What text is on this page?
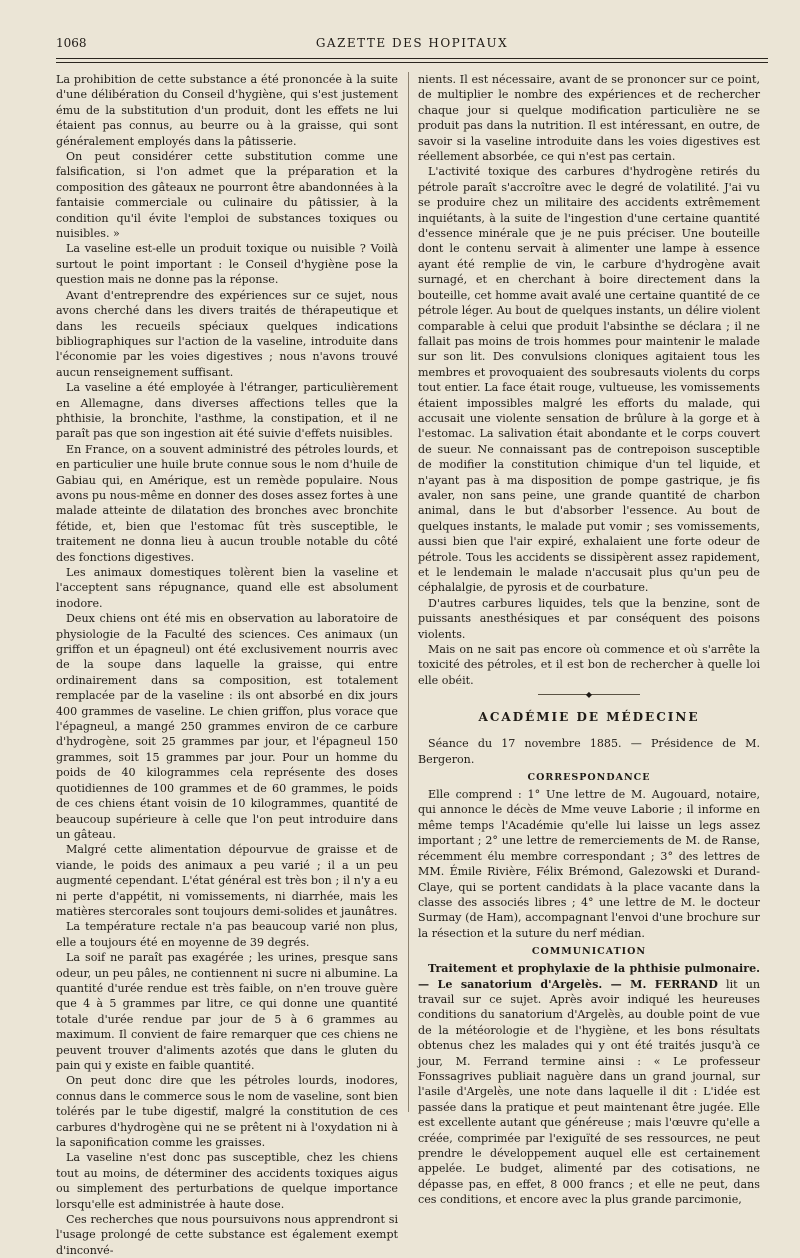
1068	GAZETTE DES HOPITAUX

La prohibition de cette substance a été prononcée à la suite d'une délibération du Conseil d'hygiène, qui s'est justement ému de la substitution d'un produit, dont les effets ne lui étaient pas connus, au beurre ou à la graisse, qui sont généralement employés dans la pâtisserie.

On peut considérer cette substitution comme une falsification, si l'on admet que la préparation et la composition des gâteaux ne pourront être abandonnées à la fantaisie commerciale ou culinaire du pâtissier, à la condition qu'il évite l'emploi de substances toxiques ou nuisibles. »

La vaseline est-elle un produit toxique ou nuisible ? Voilà surtout le point important : le Conseil d'hygiène pose la question mais ne donne pas la réponse.

Avant d'entreprendre des expériences sur ce sujet, nous avons cherché dans les divers traités de thérapeutique et dans les recueils spéciaux quelques indications bibliographiques sur l'action de la vaseline, introduite dans l'économie par les voies digestives ; nous n'avons trouvé aucun renseignement suffisant.

La vaseline a été employée à l'étranger, particulièrement en Allemagne, dans diverses affections telles que la phthisie, la bronchite, l'asthme, la constipation, et il ne paraît pas que son ingestion ait été suivie d'effets nuisibles.

En France, on a souvent administré des pétroles lourds, et en particulier une huile brute connue sous le nom d'huile de Gabiau qui, en Amérique, est un remède populaire. Nous avons pu nous-même en donner des doses assez fortes à une malade atteinte de dilatation des bronches avec bronchite fétide, et, bien que l'estomac fût très susceptible, le traitement ne donna lieu à aucun trouble notable du côté des fonctions digestives.

Les animaux domestiques tolèrent bien la vaseline et l'acceptent sans répugnance, quand elle est absolument inodore.

Deux chiens ont été mis en observation au laboratoire de physiologie de la Faculté des sciences. Ces animaux (un griffon et un épagneul) ont été exclusivement nourris avec de la soupe dans laquelle la graisse, qui entre ordinairement dans sa composition, est totalement remplacée par de la vaseline : ils ont absorbé en dix jours 400 grammes de vaseline. Le chien griffon, plus vorace que l'épagneul, a mangé 250 grammes environ de ce carbure d'hydrogène, soit 25 grammes par jour, et l'épagneul 150 grammes, soit 15 grammes par jour. Pour un homme du poids de 40 kilogrammes cela représente des doses quotidiennes de 100 grammes et de 60 grammes, le poids de ces chiens étant voisin de 10 kilogrammes, quantité de beaucoup supérieure à celle que l'on peut introduire dans un gâteau.

Malgré cette alimentation dépourvue de graisse et de viande, le poids des animaux a peu varié ; il a un peu augmenté cependant. L'état général est très bon ; il n'y a eu ni perte d'appétit, ni vomissements, ni diarrhée, mais les matières stercorales sont toujours demi-solides et jaunâtres.

La température rectale n'a pas beaucoup varié non plus, elle a toujours été en moyenne de 39 degrés.

La soif ne paraît pas exagérée ; les urines, presque sans odeur, un peu pâles, ne contiennent ni sucre ni albumine. La quantité d'urée rendue est très faible, on n'en trouve guère que 4 à 5 grammes par litre, ce qui donne une quantité totale d'urée rendue par jour de 5 à 6 grammes au maximum. Il convient de faire remarquer que ces chiens ne peuvent trouver d'aliments azotés que dans le gluten du pain qui y existe en faible quantité.

On peut donc dire que les pétroles lourds, inodores, connus dans le commerce sous le nom de vaseline, sont bien tolérés par le tube digestif, malgré la constitution de ces carbures d'hydrogène qui ne se prêtent ni à l'oxydation ni à la saponification comme les graisses.

La vaseline n'est donc pas susceptible, chez les chiens tout au moins, de déterminer des accidents toxiques aigus ou simplement des perturbations de quelque importance lorsqu'elle est administrée à haute dose.

Ces recherches que nous poursuivons nous apprendront si l'usage prolongé de cette substance est également exempt d'inconvé-

nients. Il est nécessaire, avant de se prononcer sur ce point, de multiplier le nombre des expériences et de rechercher chaque jour si quelque modification particulière ne se produit pas dans la nutrition. Il est intéressant, en outre, de savoir si la vaseline introduite dans les voies digestives est réellement absorbée, ce qui n'est pas certain.

L'activité toxique des carbures d'hydrogène retirés du pétrole paraît s'accroître avec le degré de volatilité. J'ai vu se produire chez un militaire des accidents extrêmement inquiétants, à la suite de l'ingestion d'une certaine quantité d'essence minérale que je ne puis préciser. Une bouteille dont le contenu servait à alimenter une lampe à essence ayant été remplie de vin, le carbure d'hydrogène avait surnagé, et en cherchant à boire directement dans la bouteille, cet homme avait avalé une certaine quantité de ce pétrole léger. Au bout de quelques instants, un délire violent comparable à celui que produit l'absinthe se déclara ; il ne fallait pas moins de trois hommes pour maintenir le malade sur son lit. Des convulsions cloniques agitaient tous les membres et provoquaient des soubresauts violents du corps tout entier. La face était rouge, vultueuse, les vomissements étaient impossibles malgré les efforts du malade, qui accusait une violente sensation de brûlure à la gorge et à l'estomac. La salivation était abondante et le corps couvert de sueur. Ne connaissant pas de contrepoison susceptible de modifier la constitution chimique d'un tel liquide, et n'ayant pas à ma disposition de pompe gastrique, je fis avaler, non sans peine, une grande quantité de charbon animal, dans le but d'absorber l'essence. Au bout de quelques instants, le malade put vomir ; ses vomissements, aussi bien que l'air expiré, exhalaient une forte odeur de pétrole. Tous les accidents se dissipèrent assez rapidement, et le lendemain le malade n'accusait plus qu'un peu de céphalalgie, de pyrosis et de courbature.

D'autres carbures liquides, tels que la benzine, sont de puissants anesthésiques et par conséquent des poisons violents.

Mais on ne sait pas encore où commence et où s'arrête la toxicité des pétroles, et il est bon de rechercher à quelle loi elle obéit.

◆
ACADÉMIE DE MÉDECINE

Séance du 17 novembre 1885. — Présidence de M. Bergeron.

CORRESPONDANCE

Elle comprend : 1° Une lettre de M. Augouard, notaire, qui annonce le décès de Mme veuve Laborie ; il informe en même temps l'Académie qu'elle lui laisse un legs assez important ; 2° une lettre de remerciements de M. de Ranse, récemment élu membre correspondant ; 3° des lettres de MM. Émile Rivière, Félix Brémond, Galezowski et Durand-Claye, qui se portent candidats à la place vacante dans la classe des associés libres ; 4° une lettre de M. le docteur Surmay (de Ham), accompagnant l'envoi d'une brochure sur la résection et la suture du nerf médian.

COMMUNICATION

Traitement et prophylaxie de la phthisie pulmonaire. — Le sanatorium d'Argelès. — M. FERRAND lit un travail sur ce sujet. Après avoir indiqué les heureuses conditions du sanatorium d'Argelès, au double point de vue de la météorologie et de l'hygiène, et les bons résultats obtenus chez les malades qui y ont été traités jusqu'à ce jour, M. Ferrand termine ainsi : « Le professeur Fonssagrives publiait naguère dans un grand journal, sur l'asile d'Argelès, une note dans laquelle il dit : L'idée est passée dans la pratique et peut maintenant être jugée. Elle est excellente autant que généreuse ; mais l'œuvre qu'elle a créée, comprimée par l'exiguïté de ses ressources, ne peut prendre le développement auquel elle est certainement appelée. Le budget, alimenté par des cotisations, ne dépasse pas, en effet, 8 000 francs ; et elle ne peut, dans ces conditions, et encore avec la plus grande parcimonie,
